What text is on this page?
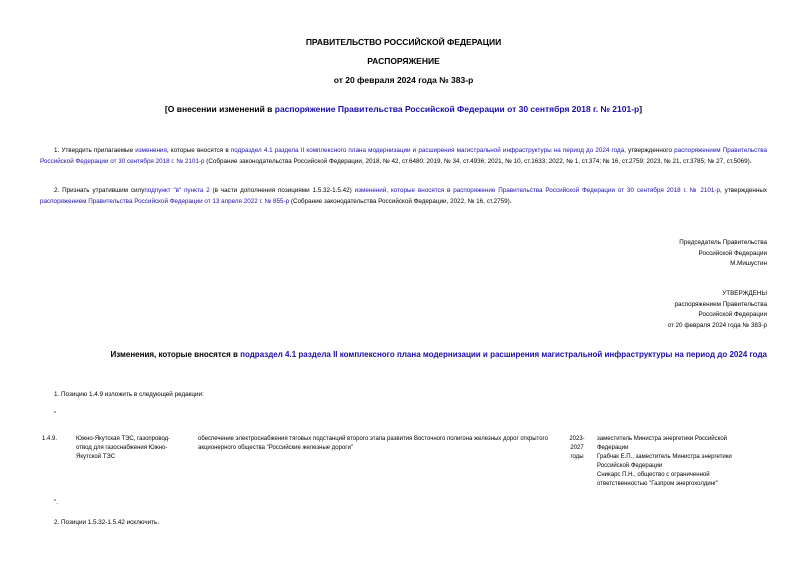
ПРАВИТЕЛЬСТВО РОССИЙСКОЙ ФЕДЕРАЦИИ
РАСПОРЯЖЕНИЕ
от 20 февраля 2024 года № 383-р
[О внесении изменений в распоряжение Правительства Российской Федерации от 30 сентября 2018 г. № 2101-р]
1. Утвердить прилагаемые изменения, которые вносятся в подраздел 4.1 раздела II комплексного плана модернизации и расширения магистральной инфраструктуры на период до 2024 года, утвержденного распоряжением Правительства Российской Федерации от 30 сентября 2018 г. № 2101-р (Собрание законодательства Российской Федерации, 2018, № 42, ст.6480; 2019, № 34, ст.4936; 2021, № 10, ст.1633; 2022, № 1, ст.374; № 16, ст.2759; 2023, № 21, ст.3785; № 27, ст.5069).
2. Признать утратившим силуподпункт "в" пункта 2 (в части дополнения позициями 1.5.32-1.5.42) изменений, которые вносятся в распоряжение Правительства Российской Федерации от 30 сентября 2018 г. № 2101-р, утвержденных распоряжением Правительства Российской Федерации от 13 апреля 2022 г. № 855-р (Собрание законодательства Российской Федерации, 2022, № 16, ст.2759).
Председатель Правительства
Российской Федерации
М.Мишустин
УТВЕРЖДЕНЫ
распоряжением Правительства
Российской Федерации
от 20 февраля 2024 года № 383-р
Изменения, которые вносятся в подраздел 4.1 раздела II комплексного плана модернизации и расширения магистральной инфраструктуры на период до 2024 года
1. Позицию 1.4.9 изложить в следующей редакции:
"
1.4.9.	Южно-Якутская ТЭС, газопровод-отвод для газоснабжения Южно-Якутской ТЭС
обеспечение электроснабжения тяговых подстанций второго этапа развития Восточного полигона железных дорог открытого акционерного общества "Российские железные дороги"
2023-2027 годы
заместитель Министра энергетики Российской Федерации
Грабчак Е.П., заместитель Министра энергетики Российской Федерации
Сникарс П.Н., общество с ограниченной ответственностью "Газпром энергохолдинг"
".
2. Позиции 1.5.32-1.5.42 исключить.
